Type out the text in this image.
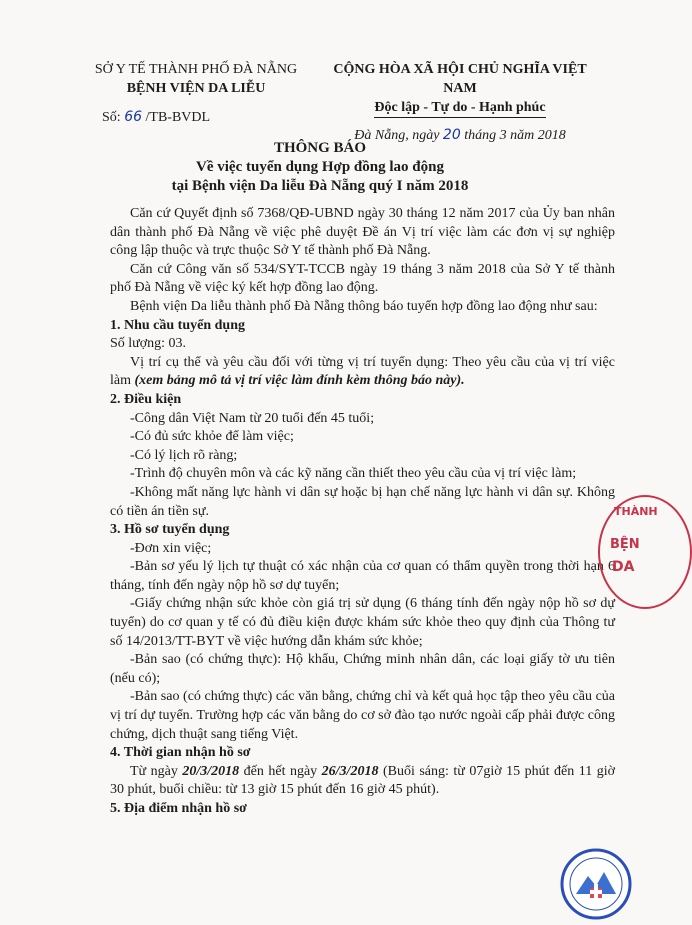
SỞ Y TẾ THÀNH PHỐ ĐÀ NẴNG
BỆNH VIỆN DA LIỄU
Số: 66 /TB-BVDL
CỘNG HÒA XÃ HỘI CHỦ NGHĨA VIỆT NAM
Độc lập - Tự do - Hạnh phúc
Đà Nẵng, ngày 20 tháng 3 năm 2018
THÔNG BÁO
Về việc tuyển dụng Hợp đồng lao động
tại Bệnh viện Da liễu Đà Nẵng quý I năm 2018

Căn cứ Quyết định số 7368/QĐ-UBND ngày 30 tháng 12 năm 2017 của Ủy ban nhân dân thành phố Đà Nẵng về việc phê duyệt Đề án Vị trí việc làm các đơn vị sự nghiệp công lập thuộc và trực thuộc Sở Y tế thành phố Đà Nẵng.

Căn cứ Công văn số 534/SYT-TCCB ngày 19 tháng 3 năm 2018 của Sở Y tế thành phố Đà Nẵng về việc ký kết hợp đồng lao động.

Bệnh viện Da liễu thành phố Đà Nẵng thông báo tuyển hợp đồng lao động như sau:

1. Nhu cầu tuyển dụng

Số lượng: 03.

Vị trí cụ thể và yêu cầu đối với từng vị trí tuyển dụng: Theo yêu cầu của vị trí việc làm (xem bảng mô tả vị trí việc làm đính kèm thông báo này).

2. Điều kiện

-Công dân Việt Nam từ 20 tuổi đến 45 tuổi;

-Có đủ sức khỏe để làm việc;

-Có lý lịch rõ ràng;

-Trình độ chuyên môn và các kỹ năng cần thiết theo yêu cầu của vị trí việc làm;

-Không mất năng lực hành vi dân sự hoặc bị hạn chế năng lực hành vi dân sự. Không có tiền án tiền sự.

3. Hồ sơ tuyển dụng

-Đơn xin việc;

-Bản sơ yếu lý lịch tự thuật có xác nhận của cơ quan có thẩm quyền trong thời hạn 6 tháng, tính đến ngày nộp hồ sơ dự tuyển;

-Giấy chứng nhận sức khỏe còn giá trị sử dụng (6 tháng tính đến ngày nộp hồ sơ dự tuyển) do cơ quan y tế có đủ điều kiện được khám sức khỏe theo quy định của Thông tư số 14/2013/TT-BYT về việc hướng dẫn khám sức khỏe;

-Bản sao (có chứng thực): Hộ khẩu, Chứng minh nhân dân, các loại giấy tờ ưu tiên (nếu có);

-Bản sao (có chứng thực) các văn bằng, chứng chỉ và kết quả học tập theo yêu cầu của vị trí dự tuyển. Trường hợp các văn bằng do cơ sở đào tạo nước ngoài cấp phải được công chứng, dịch thuật sang tiếng Việt.

4. Thời gian nhận hồ sơ

Từ ngày 20/3/2018 đến hết ngày 26/3/2018 (Buổi sáng: từ 07giờ 15 phút đến 11 giờ 30 phút, buổi chiều: từ 13 giờ 15 phút đến 16 giờ 45 phút).

5. Địa điểm nhận hồ sơ

THÀNH
BỆN
DA
